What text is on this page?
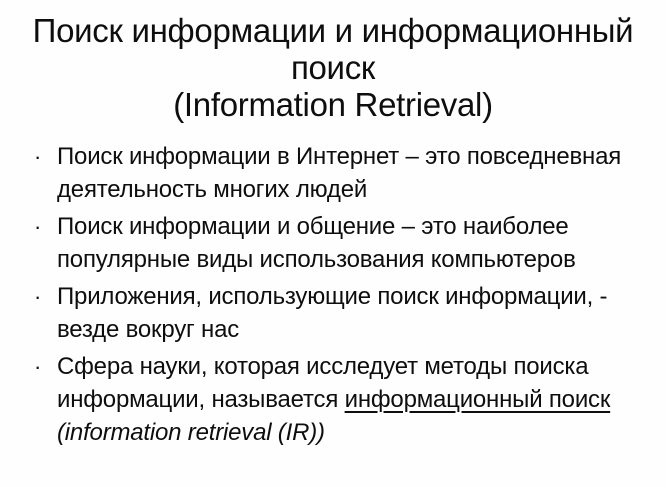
Поиск информации и информационный
поиск
(Information Retrieval)
· Поиск информации в Интернет – это повседневная
деятельность многих людей
· Поиск информации и общение – это наиболее
популярные виды использования компьютеров
· Приложения, использующие поиск информации, -
везде вокруг нас
· Сфера науки, которая исследует методы поиска
информации, называется информационный поиск
(information retrieval (IR))
